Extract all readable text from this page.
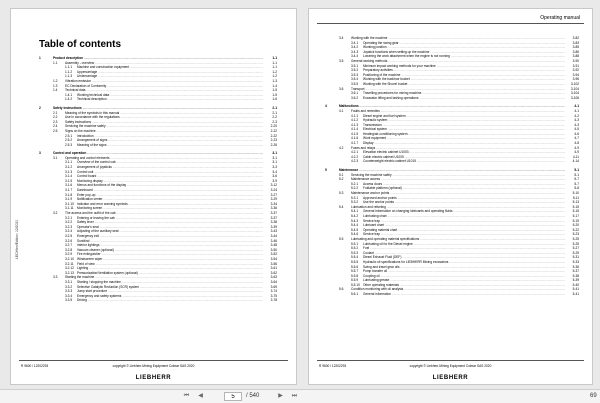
Table of contents
1	Product description .....	1-1
1.1 Assembly - overview .....	1-1
1.1.1 Machine and construction equipment .....	1-1
1.1.2 Uppercarriage .....	1-2
1.1.3 Undercarriage .....	1-2
1.2 Vibration emission .....	1-3
1.3 EC Declaration of Conformity .....	1-4
1.4 Technical data .....	1-5
1.4.1 Working technical data .....	1-5
1.4.2 Technical description .....	1-6
2	Safety instructions .....	2-1
2.1 Meaning of the symbols in this manual .....	2-1
2.2 Use in accordance with the regulations .....	2-2
2.3 Safety instructions .....	2-3
2.4 Servicing the machine safely .....	2-20
2.5 Signs on the machine .....	2-22
2.5.1 Introduction .....	2-22
2.5.2 Arrangement of signs .....	2-23
2.5.3 Meaning of the signs .....	2-26
3	Control and operation .....	3-1
3.1 Operating and control elements .....	3-1
3.1.1 Overview of the control cab .....	3-1
3.1.2 Arrangement of joysticks .....	3-3
3.1.3 Control unit .....	3-4
3.1.4 Control board .....	3-6
3.1.5 Monitoring display .....	3-9
3.1.6 Menus and functions of the display .....	3-12
3.1.7 Dashboard .....	3-24
3.1.8 Enter pop-up .....	3-27
3.1.9 Notification center .....	3-29
3.1.10 Indicator and error warning symbols .....	3-34
3.1.11 Monitoring screen .....	3-36
3.2 The access and the outfit of the cab .....	3-37
3.2.1 Entering or leaving the cab .....	3-37
3.2.2 Safety lever .....	3-38
3.2.3 Operator's seat .....	3-39
3.2.4 Adjusting of the auxiliary seat .....	3-43
3.2.5 Emergency exit .....	3-44
3.2.6 Sunblind .....	3-46
3.2.7 Interior lightings .....	3-48
3.2.8 Vacuum cleaner (optional) .....	3-50
3.2.9 Fire extinguisher .....	3-52
3.2.10 Windscreen wiper .....	3-54
3.2.11 Field of view .....	3-56
3.2.12 Lighting .....	3-61
3.2.13 Pressurization/Ventilation system (optional) .....	3-62
3.3 Starting the machine .....	3-63
3.3.1 Starting / stopping the machine .....	3-64
3.3.2 Selective Catalytic Reduction (SCR) system .....	3-69
3.3.3 Jump start procedure .....	3-74
3.3.4 Emergency and safety systems .....	3-75
3.3.5 Driving .....	3-78
LECH/en/Edition: 12/2020
R 9600 / 12202293	copyright © Liebherr-Mining Equipment Colmar SAS 2020
LIEBHERR
Operating manual
3.4 Working with the machine .....	3-82
3.4.1 Operating the swing gear .....	3-83
3.4.2 Working position .....	3-85
3.4.3 Joystick functions when setting up the machine .....	3-86
3.4.4 Lowering the work attachment when the engine is not running .....	3-88
3.5 General working methods .....	3-90
3.5.1 Minimum impact working methods for your machine .....	3-91
3.5.2 Preparatory activities .....	3-92
3.5.3 Positioning of the machine .....	3-94
3.5.4 Working with the backhoe bucket .....	3-96
3.5.5 Working with the Shovel bucket .....	3-102
3.6 Transport .....	3-104
3.6.1 Travelling procedures for mining machine .....	3-104
3.6.2 Excavator lifting and lashing operations .....	3-106
4	Malfunctions .....	4-1
4.1 Faults and remedies .....	4-1
4.1.1 Diesel engine and fuel system .....	4-2
4.1.2 Hydraulic system .....	4-3
4.1.3 Transmission .....	4-3
4.1.4 Electrical system .....	4-5
4.1.5 Heating/air-conditioning system .....	4-6
4.1.6 Work equipment .....	4-7
4.1.7 Display .....	4-8
4.2 Fuses and relays .....	4-9
4.2.1 Elevation electric cabinet U1003 .....	4-9
4.2.2 Cabin electric cabinet U1005 .....	4-11
4.2.3 Counterweight electric cabinet U1015 .....	4-14
5	Maintenance .....	5-1
5.1 Servicing the machine safely .....	5-1
5.2 Maintenance access .....	5-7
5.2.1 Access doors .....	5-7
5.2.2 Foldable platform (optional) .....	5-8
5.3 Maintenance anchor points .....	5-10
5.3.1 Approved anchor points .....	5-11
5.3.2 Use the anchor points .....	5-13
5.4 Lubrication and refueling .....	5-15
5.4.1 General information on changing lubricants and operating fluids .....	5-15
5.4.2 Lubricating chart .....	5-17
5.4.3 Service trap .....	5-19
5.4.4 Lubricant chart .....	5-20
5.4.5 Operating material chart .....	5-22
5.4.6 Service trap .....	5-23
5.5 Lubricating and operating material specifications .....	5-25
5.5.1 Lubricating oil for the Diesel engine .....	5-25
5.5.2 Fuel .....	5-27
5.5.3 Coolant .....	5-29
5.5.4 Diesel Exhaust Fluid (DEF) .....	5-31
5.5.5 Hydraulic oil specifications for LIEBHERR Mining excavators .....	5-33
5.5.6 Swing and travel gear oils .....	5-36
5.5.7 Pump transfer oil .....	5-37
5.5.8 Coupling oil .....	5-38
5.5.9 Lubricating grease .....	5-39
5.5.10 Other operating materials .....	5-40
5.6 Condition monitoring with oil analysis .....	5-41
5.6.1 General information .....	5-41
R 9600 / 12202293	copyright © Liebherr-Mining Equipment Colmar SAS 2020
LIEBHERR
⏮	◀
5	/ 540	▶	⏭	69
